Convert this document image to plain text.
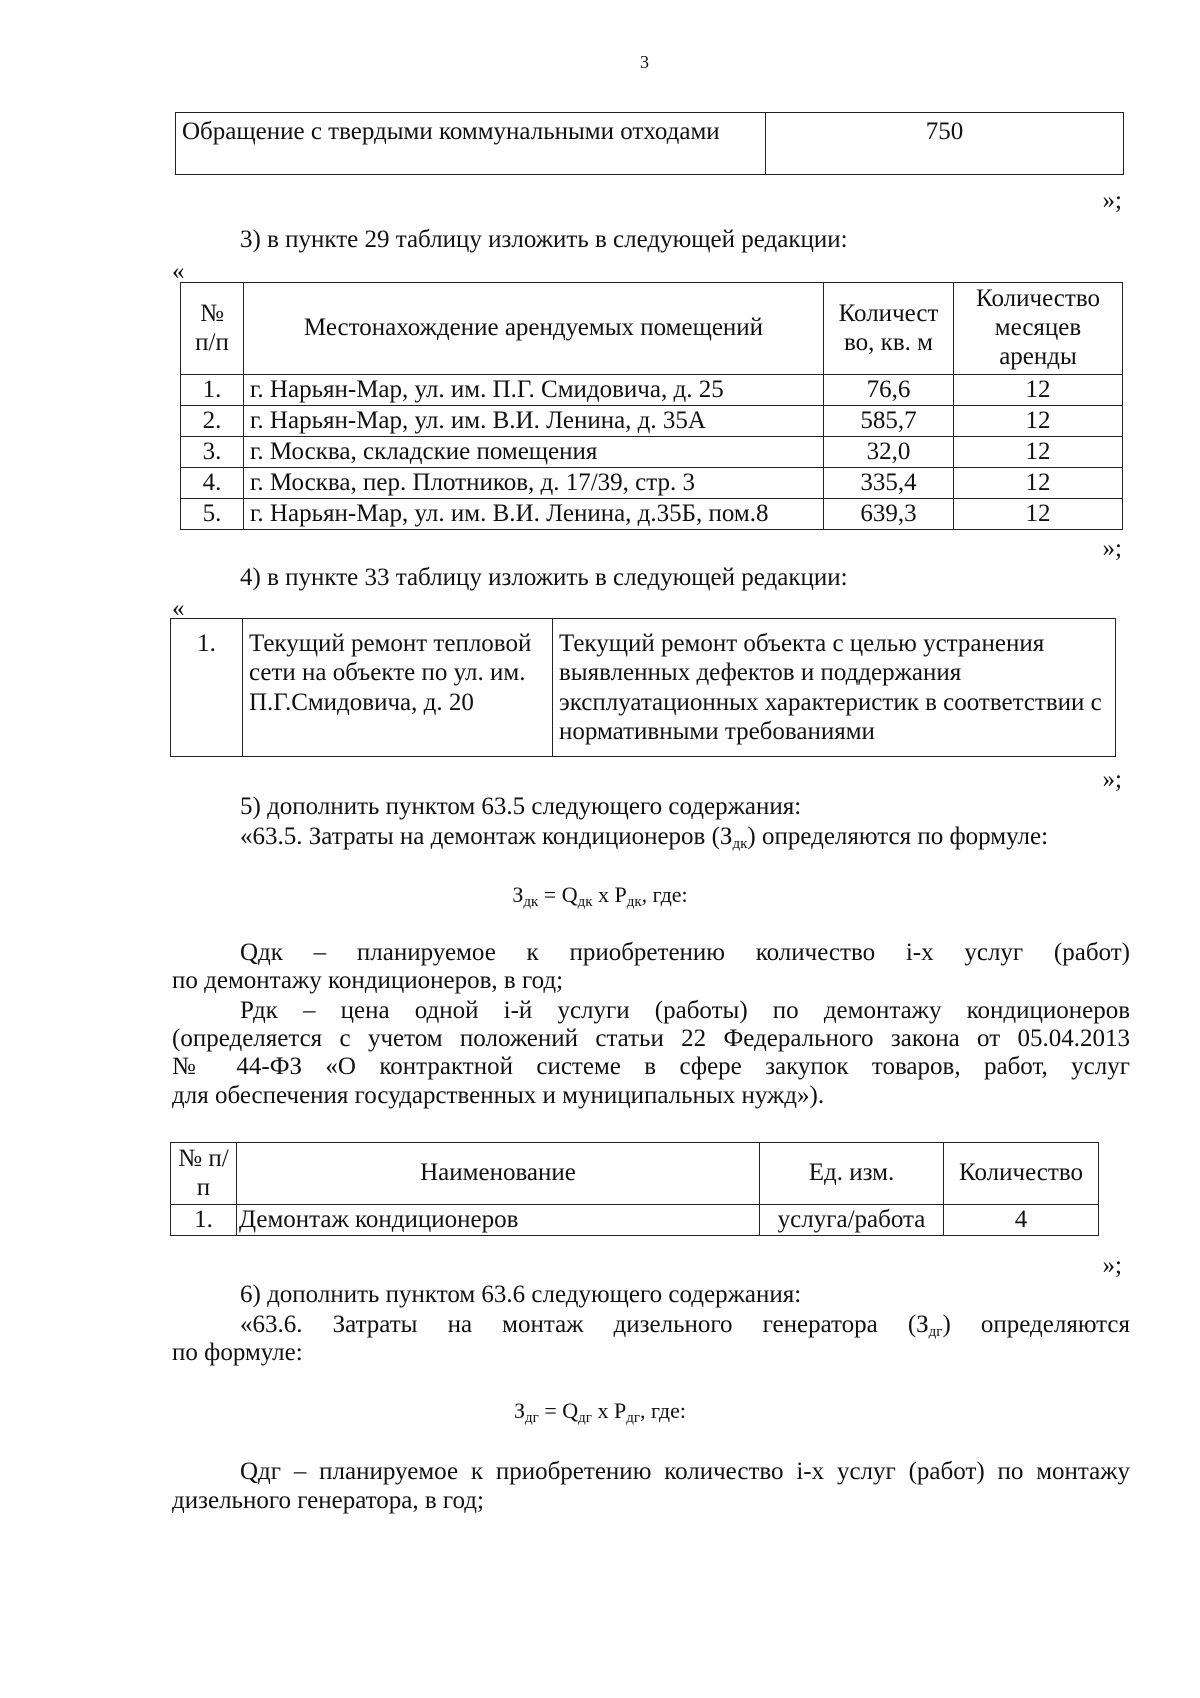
3
Обращение с твердыми коммунальными отходами	750
»;
3) в пункте 29 таблицу изложить в следующей редакции:
«
№ п/п	Местонахождение арендуемых помещений	Количест во, кв. м	Количество месяцев аренды
1.	г. Нарьян-Мар, ул. им. П.Г. Смидовича, д. 25	76,6	12
2.	г. Нарьян-Мар, ул. им. В.И. Ленина, д. 35А	585,7	12
3.	г. Москва, складские помещения	32,0	12
4.	г. Москва, пер. Плотников, д. 17/39, стр. 3	335,4	12
5.	г. Нарьян-Мар, ул. им. В.И. Ленина, д.35Б, пом.8	639,3	12
»;
4) в пункте 33 таблицу изложить в следующей редакции:
«
1.	Текущий ремонт тепловой сети на объекте по ул. им. П.Г.Смидовича, д. 20	Текущий ремонт объекта с целью устранения выявленных дефектов и поддержания эксплуатационных характеристик в соответствии с нормативными требованиями
»;
5) дополнить пунктом 63.5 следующего содержания:
«63.5. Затраты на демонтаж кондиционеров $(З_{дк})$ определяются по формуле:
$З_{дк} = Q_{дк}$ x $P_{дк}$, где:
Qдк – планируемое к приобретению количество i-х услуг (работ)
по демонтажу кондиционеров, в год;
Рдк – цена одной i-й услуги (работы) по демонтажу кондиционеров
(определяется с учетом положений статьи 22 Федерального закона от 05.04.2013
№ 44-ФЗ «О контрактной системе в сфере закупок товаров, работ, услуг
для обеспечения государственных и муниципальных нужд»).
№ п/п	Наименование	Ед. изм.	Количество
1.	Демонтаж кондиционеров	услуга/работа	4
»;
6) дополнить пунктом 63.6 следующего содержания:
«63.6. Затраты на монтаж дизельного генератора $(З_{дг})$ определяются
по формуле:
$З_{дг} = Q_{дг}$ x $P_{дг}$, где:
Qдг – планируемое к приобретению количество i-х услуг (работ) по монтажу
дизельного генератора, в год;
